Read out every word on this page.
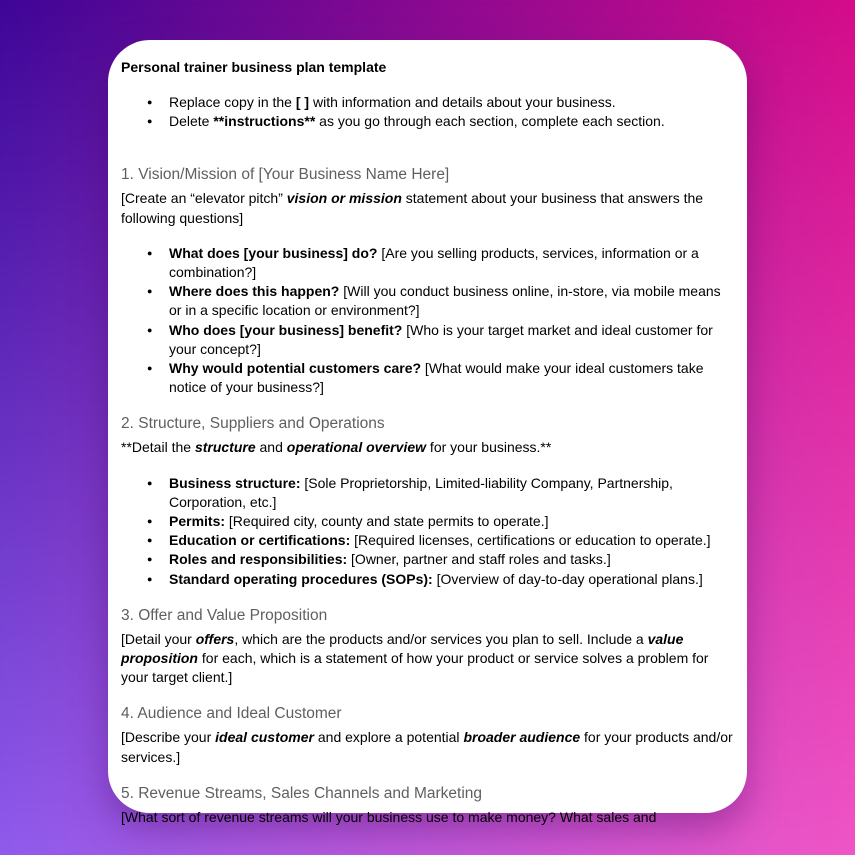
Personal trainer business plan template
● Replace copy in the [ ] with information and details about your business.
● Delete **instructions** as you go through each section, complete each section.
1. Vision/Mission of [Your Business Name Here]

[Create an “elevator pitch” vision or mission statement about your business that answers the following questions]

● What does [your business] do? [Are you selling products, services, information or a combination?]
● Where does this happen? [Will you conduct business online, in-store, via mobile means or in a specific location or environment?]
● Who does [your business] benefit? [Who is your target market and ideal customer for your concept?]
● Why would potential customers care? [What would make your ideal customers take notice of your business?]
2. Structure, Suppliers and Operations

**Detail the structure and operational overview for your business.**

● Business structure: [Sole Proprietorship, Limited-liability Company, Partnership, Corporation, etc.]
● Permits: [Required city, county and state permits to operate.]
● Education or certifications: [Required licenses, certifications or education to operate.]
● Roles and responsibilities: [Owner, partner and staff roles and tasks.]
● Standard operating procedures (SOPs): [Overview of day-to-day operational plans.]
3. Offer and Value Proposition

[Detail your offers, which are the products and/or services you plan to sell. Include a value proposition for each, which is a statement of how your product or service solves a problem for your target client.]

4. Audience and Ideal Customer

[Describe your ideal customer and explore a potential broader audience for your products and/or services.]

5. Revenue Streams, Sales Channels and Marketing

[What sort of revenue streams will your business use to make money? What sales and
